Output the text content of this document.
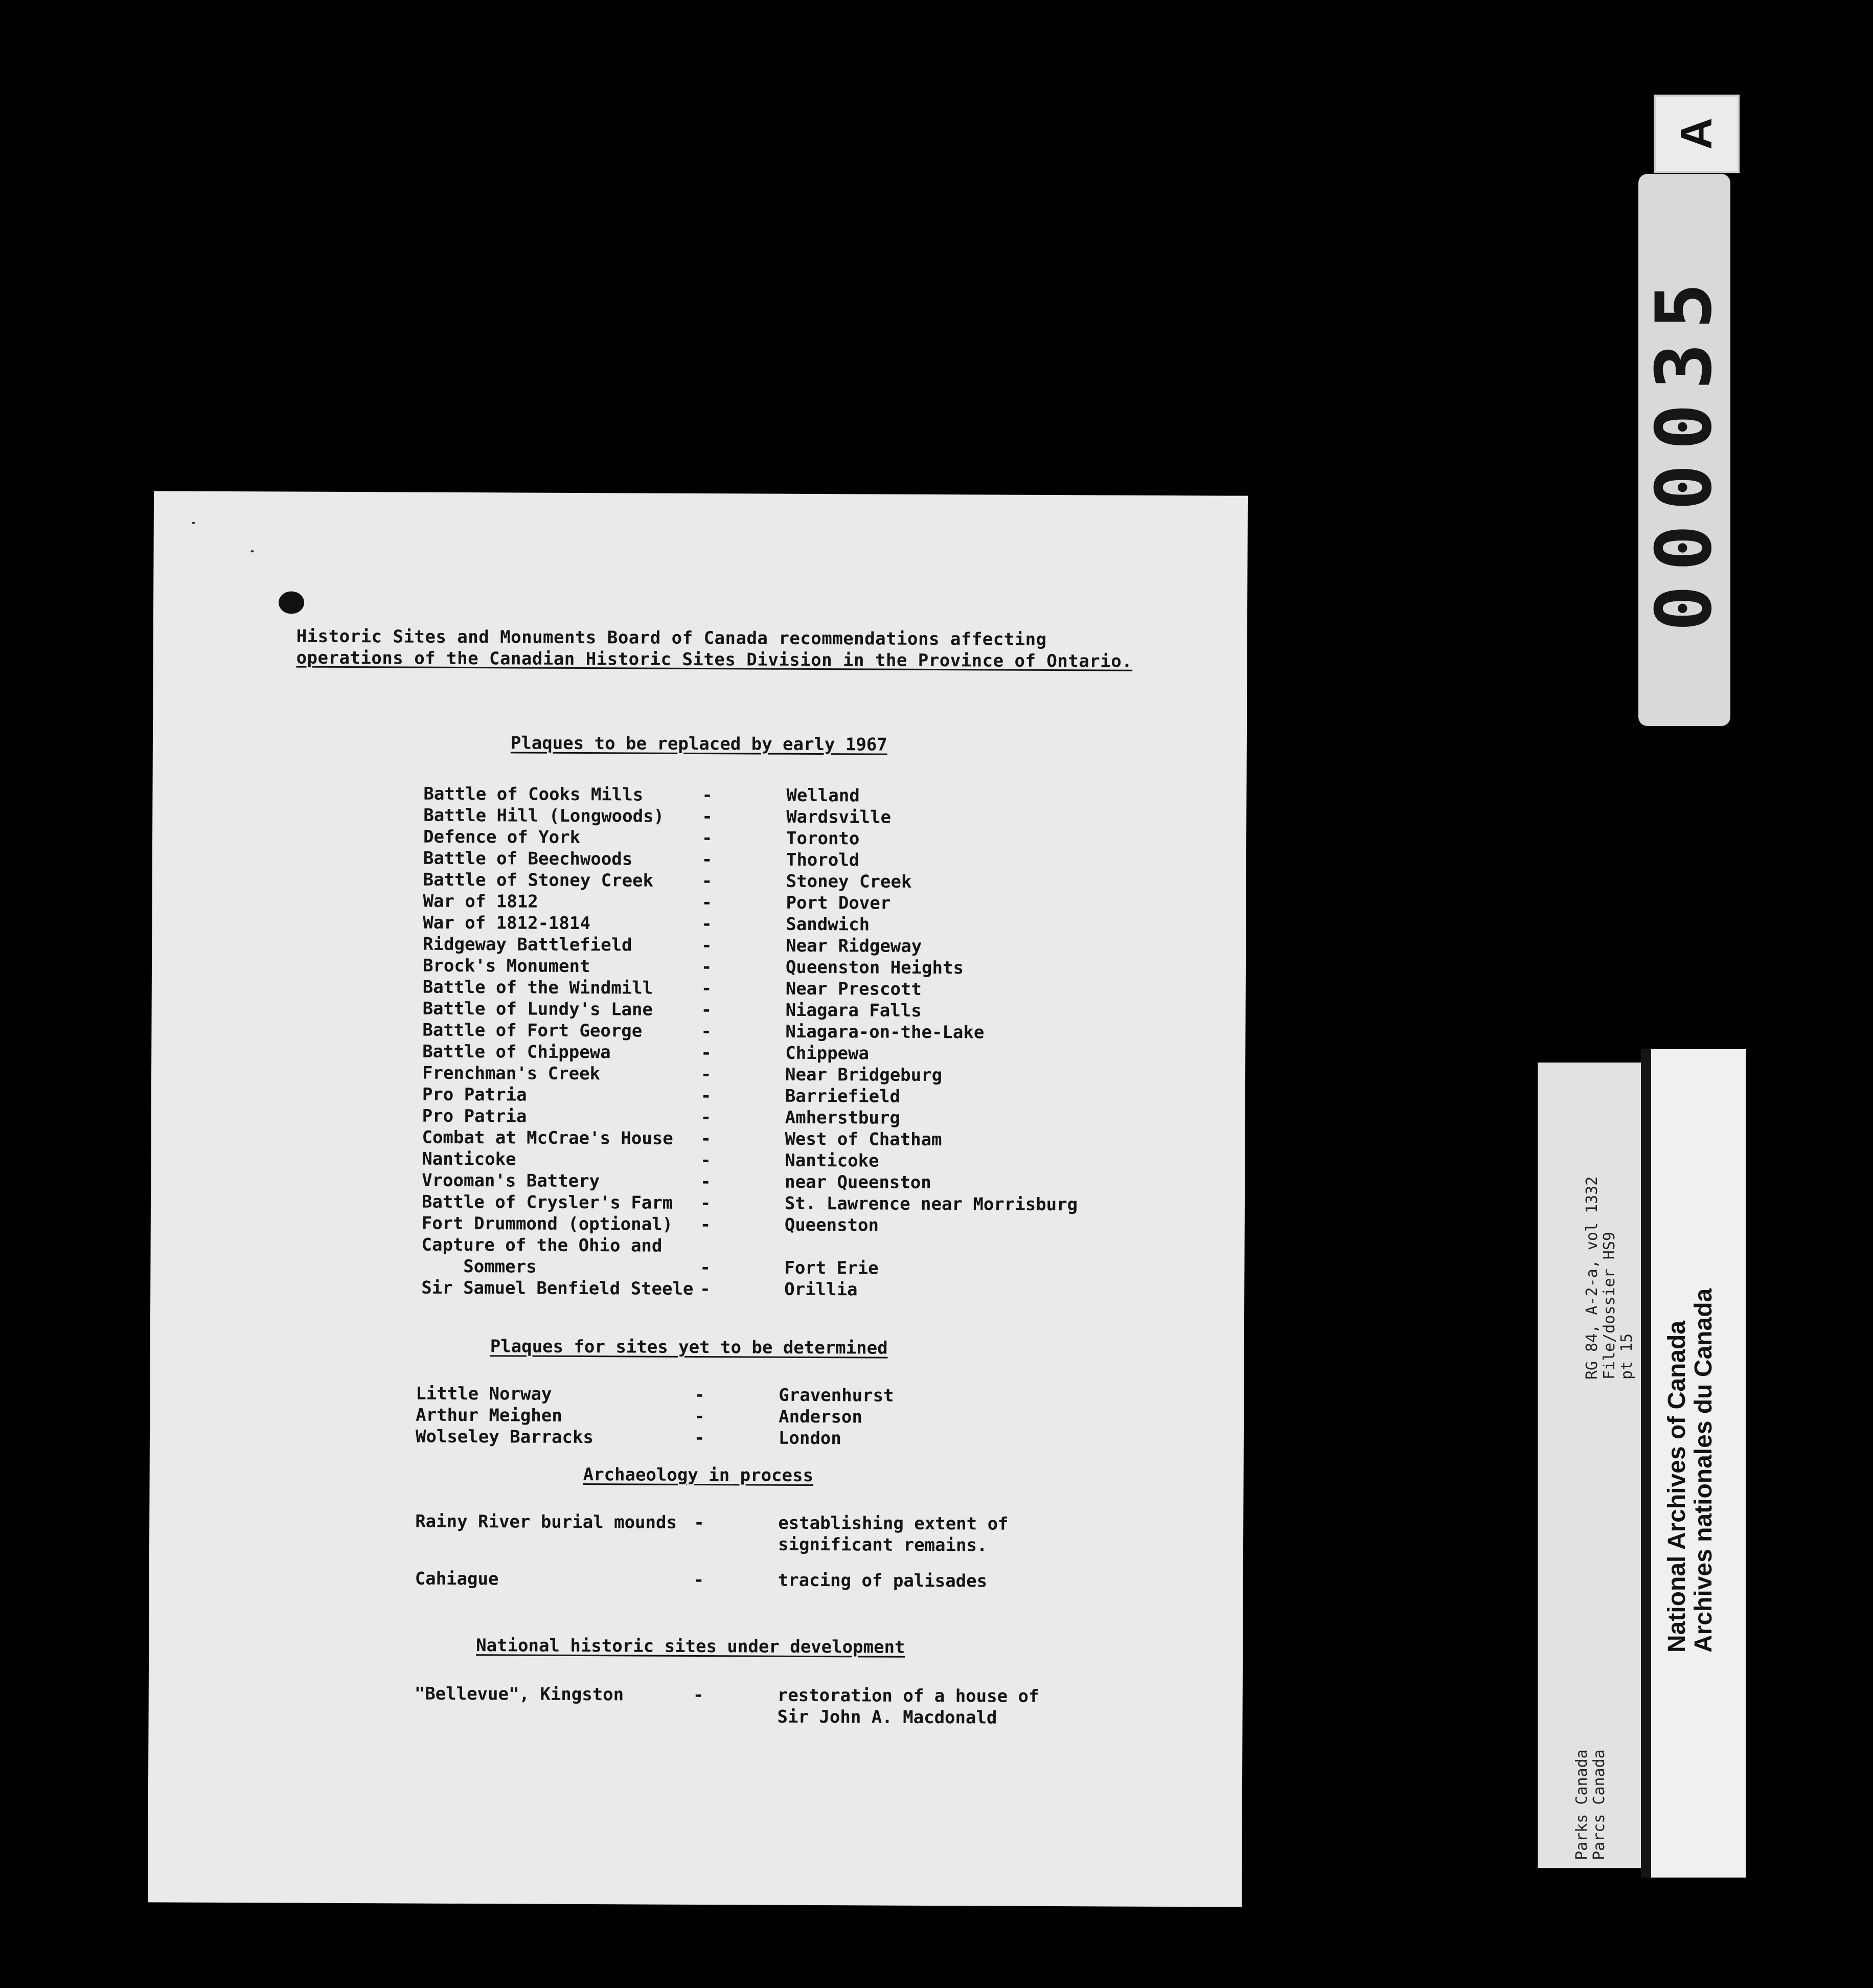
Historic Sites and Monuments Board of Canada recommendations affecting
operations of the Canadian Historic Sites Division in the Province of Ontario.
Plaques to be replaced by early 1967
Battle of Cooks Mills	-	Welland
Battle Hill (Longwoods) -	Wardsville
Defence of York	-	Toronto
Battle of Beechwoods	-	Thorold
Battle of Stoney Creek	-	Stoney Creek
War of 1812	-	Port Dover
War of 1812-1814	-	Sandwich
Ridgeway Battlefield	-	Near Ridgeway
Brock's Monument	-	Queenston Heights
Battle of the Windmill	-	Near Prescott
Battle of Lundy's Lane	-	Niagara Falls
Battle of Fort George	-	Niagara-on-the-Lake
Battle of Chippewa	-	Chippewa
Frenchman's Creek	-	Near Bridgeburg
Pro Patria	-	Barriefield
Pro Patria	-	Amherstburg
Combat at McCrae's House -	West of Chatham
Nanticoke	-	Nanticoke
Vrooman's Battery	-	near Queenston
Battle of Crysler's Farm -	St. Lawrence near Morrisburg
Fort Drummond (optional) -	Queenston
Capture of the Ohio and
Sommers	-	Fort Erie
Sir Samuel Benfield Steele -	Orillia
Plaques for sites yet to be determined
Little Norway	-	Gravenhurst
Arthur Meighen	-	Anderson
Wolseley Barracks	-	London
Archaeology in process
Rainy River burial mounds -	establishing extent of
significant remains.
Cahiague	-	tracing of palisades
National historic sites under development
"Bellevue", Kingston	-	restoration of a house of
Sir John A. Macdonald
A
000035
RG 84, A-2-a, vol 1332 File/dossier HS9 pt 15
Parks Canada Parcs Canada
National Archives of Canada Archives nationales du Canada
